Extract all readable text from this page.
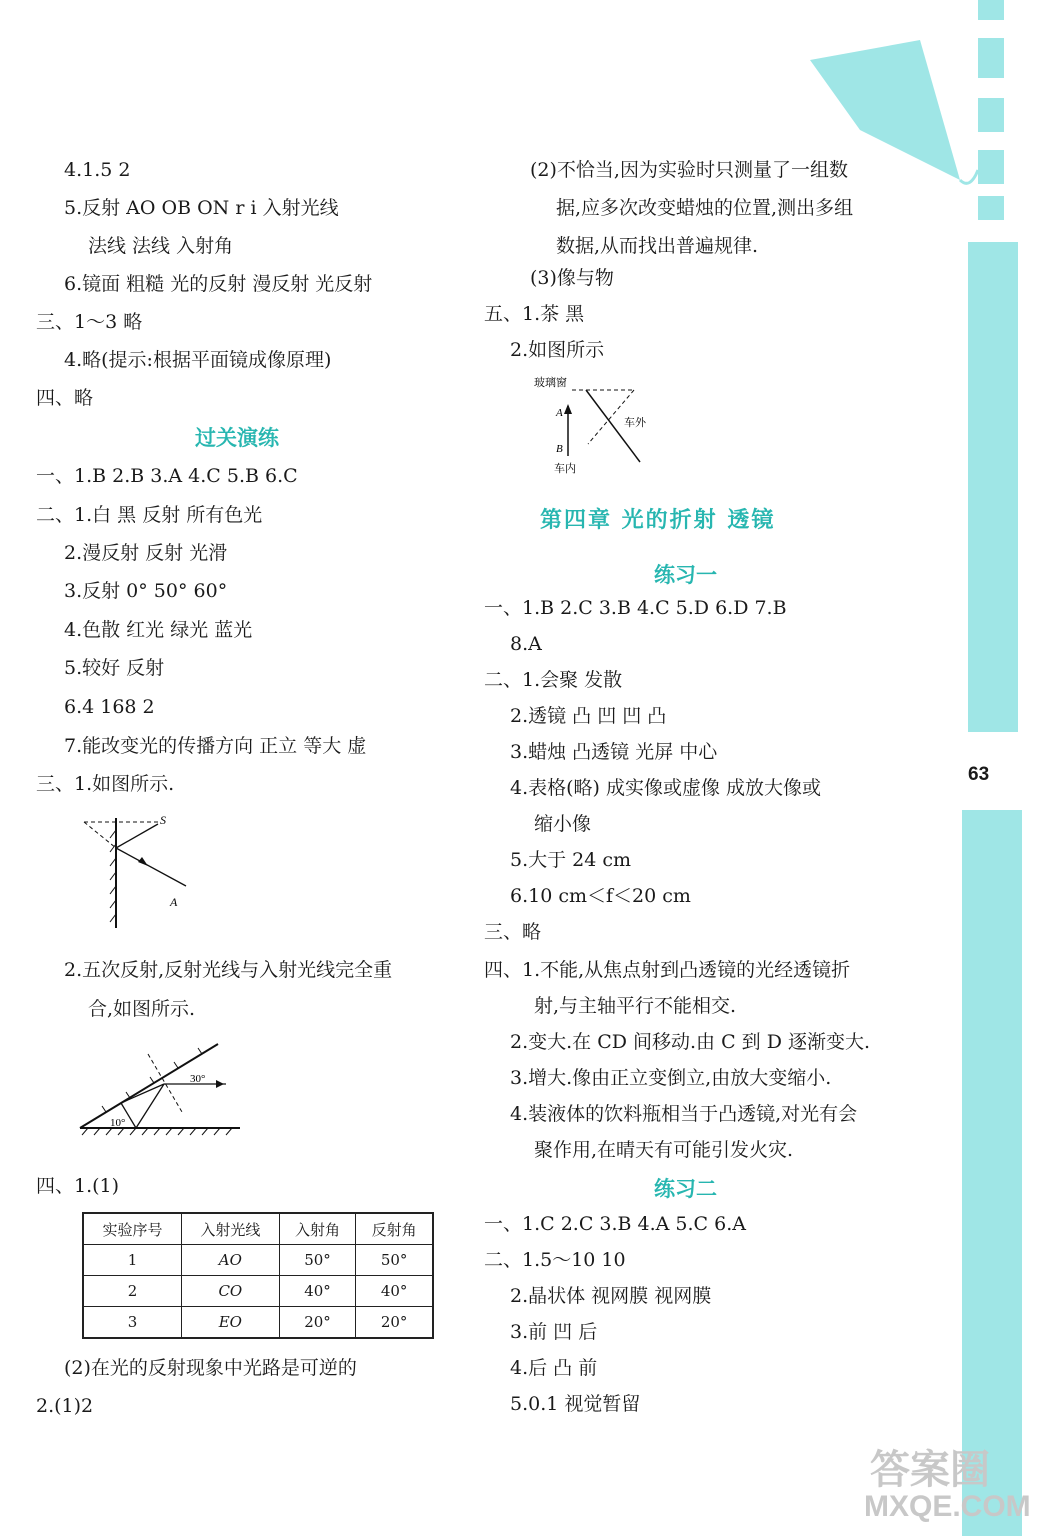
63
4.1.5 2
5.反射 AO OB ON r i 入射光线
法线 法线 入射角
6.镜面 粗糙 光的反射 漫反射 光反射
三、1～3 略
4.略(提示:根据平面镜成像原理)
四、略
过关演练
一、1.B 2.B 3.A 4.C 5.B 6.C
二、1.白 黑 反射 所有色光
2.漫反射 反射 光滑
3.反射 0° 50° 60°
4.色散 红光 绿光 蓝光
5.较好 反射
6.4 168 2
7.能改变光的传播方向 正立 等大 虚
三、1.如图所示.
S
A
2.五次反射,反射光线与入射光线完全重
合,如图所示.
30°
10°
四、1.(1)
实验序号	入射光线	入射角	反射角
1	AO	50°	50°
2	CO	40°	40°
3	EO	20°	20°
(2)在光的反射现象中光路是可逆的
2.(1)2
(2)不恰当,因为实验时只测量了一组数
据,应多次改变蜡烛的位置,测出多组
数据,从而找出普遍规律.
(3)像与物
五、1.茶 黑
2.如图所示
玻璃窗
A
B
车外
车内
第四章 光的折射 透镜
练习一
一、1.B 2.C 3.B 4.C 5.D 6.D 7.B
8.A
二、1.会聚 发散
2.透镜 凸 凹 凹 凸
3.蜡烛 凸透镜 光屏 中心
4.表格(略) 成实像或虚像 成放大像或
缩小像
5.大于 24 cm
6.10 cm＜f＜20 cm
三、略
四、1.不能,从焦点射到凸透镜的光经透镜折
射,与主轴平行不能相交.
2.变大.在 CD 间移动.由 C 到 D 逐渐变大.
3.增大.像由正立变倒立,由放大变缩小.
4.装液体的饮料瓶相当于凸透镜,对光有会
聚作用,在晴天有可能引发火灾.
练习二
一、1.C 2.C 3.B 4.A 5.C 6.A
二、1.5～10 10
2.晶状体 视网膜 视网膜
3.前 凹 后
4.后 凸 前
5.0.1 视觉暂留
答案圈
MXQE.COM
